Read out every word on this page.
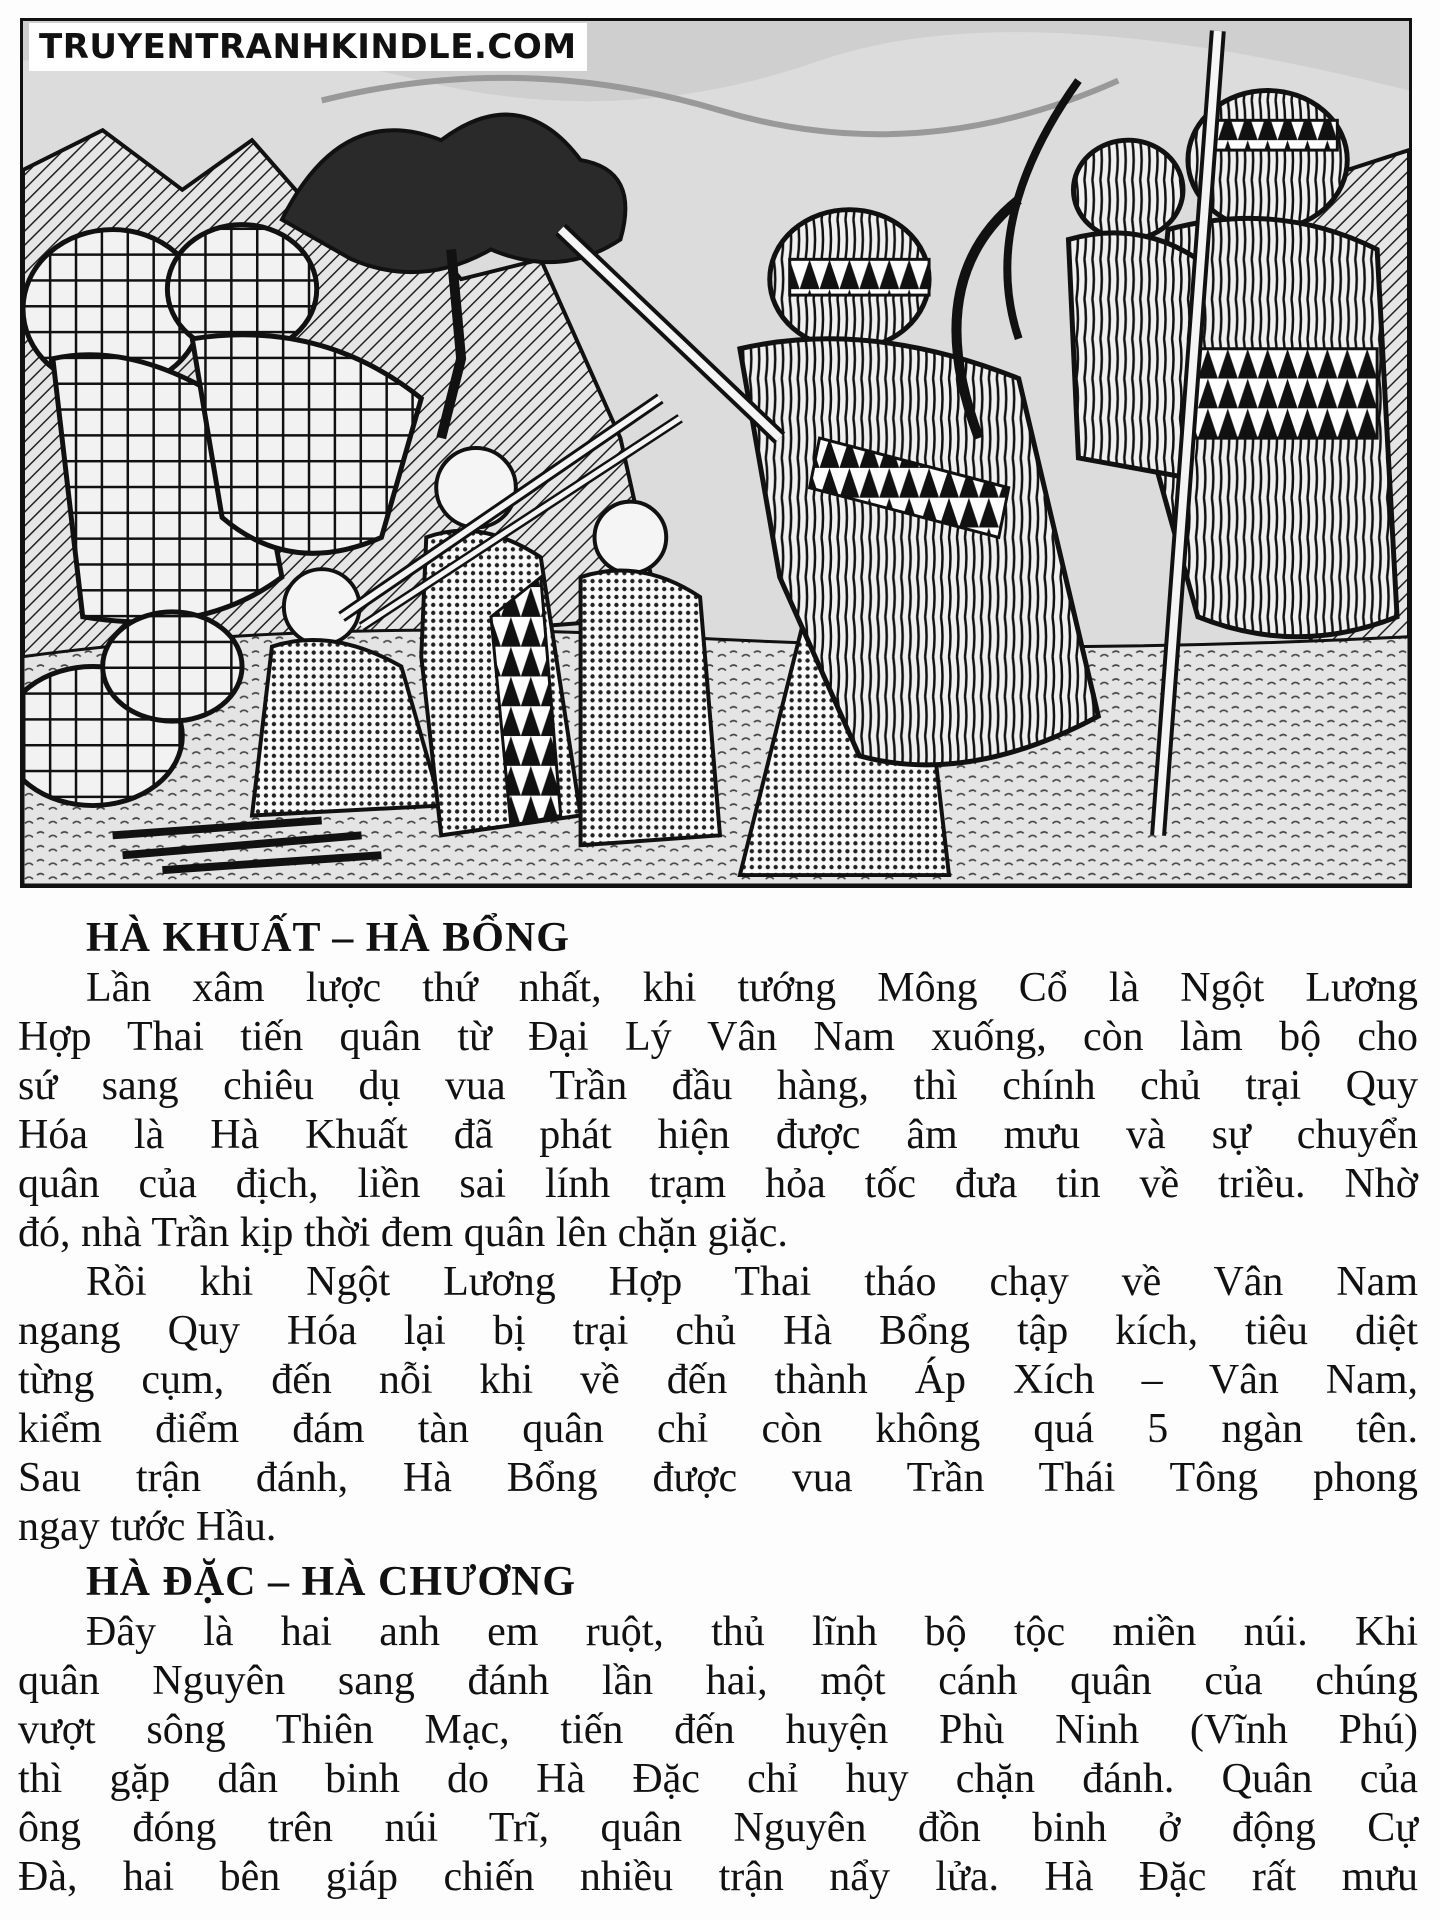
TRUYENTRANHKINDLE.COM
HÀ KHUẤT – HÀ BỔNG

Lần xâm lược thứ nhất, khi tướng Mông Cổ là Ngột Lương
Hợp Thai tiến quân từ Đại Lý Vân Nam xuống, còn làm bộ cho
sứ sang chiêu dụ vua Trần đầu hàng, thì chính chủ trại Quy
Hóa là Hà Khuất đã phát hiện được âm mưu và sự chuyển
quân của địch, liền sai lính trạm hỏa tốc đưa tin về triều. Nhờ
đó, nhà Trần kịp thời đem quân lên chặn giặc.

Rồi khi Ngột Lương Hợp Thai tháo chạy về Vân Nam
ngang Quy Hóa lại bị trại chủ Hà Bổng tập kích, tiêu diệt
từng cụm, đến nỗi khi về đến thành Áp Xích – Vân Nam,
kiểm điểm đám tàn quân chỉ còn không quá 5 ngàn tên.
Sau trận đánh, Hà Bổng được vua Trần Thái Tông phong
ngay tước Hầu.

HÀ ĐẶC – HÀ CHƯƠNG

Đây là hai anh em ruột, thủ lĩnh bộ tộc miền núi. Khi
quân Nguyên sang đánh lần hai, một cánh quân của chúng
vượt sông Thiên Mạc, tiến đến huyện Phù Ninh (Vĩnh Phú)
thì gặp dân binh do Hà Đặc chỉ huy chặn đánh. Quân của
ông đóng trên núi Trĩ, quân Nguyên đồn binh ở động Cự
Đà, hai bên giáp chiến nhiều trận nẩy lửa. Hà Đặc rất mưu
